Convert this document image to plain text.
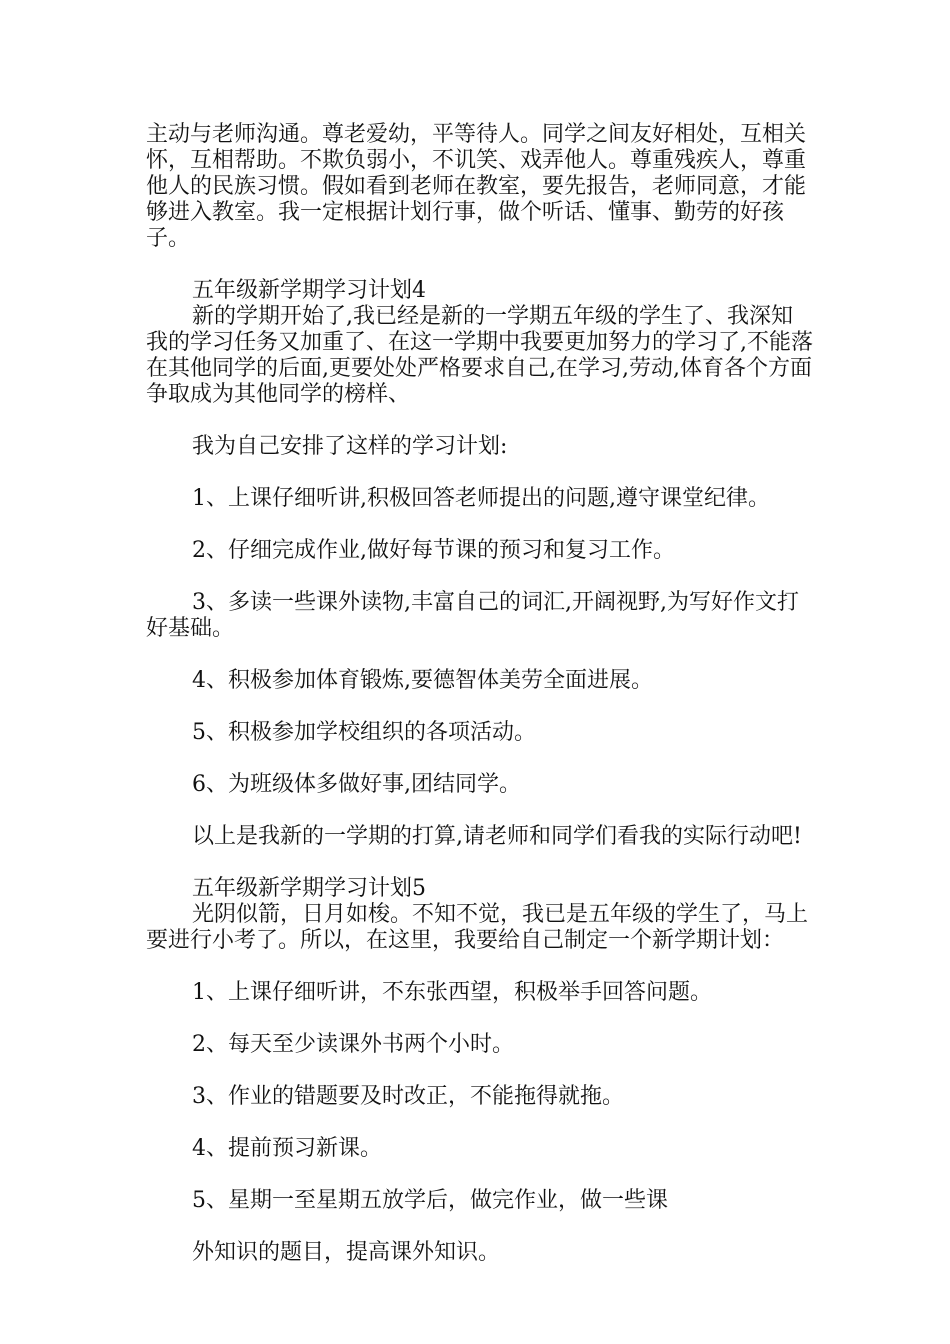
主动与老师沟通。尊老爱幼，平等待人。同学之间友好相处，互相关怀，互相帮助。不欺负弱小，不讥笑、戏弄他人。尊重残疾人，尊重他人的民族习惯。假如看到老师在教室，要先报告，老师同意，才能够进入教室。我一定根据计划行事，做个听话、懂事、勤劳的好孩子。

五年级新学期学习计划4

新的学期开始了,我已经是新的一学期五年级的学生了、我深知我的学习任务又加重了、在这一学期中我要更加努力的学习了,不能落在其他同学的后面,更要处处严格要求自己,在学习,劳动,体育各个方面争取成为其他同学的榜样、

我为自己安排了这样的学习计划:

1、上课仔细听讲,积极回答老师提出的问题,遵守课堂纪律。

2、仔细完成作业,做好每节课的预习和复习工作。

3、多读一些课外读物,丰富自己的词汇,开阔视野,为写好作文打好基础。

4、积极参加体育锻炼,要德智体美劳全面进展。

5、积极参加学校组织的各项活动。

6、为班级体多做好事,团结同学。

以上是我新的一学期的打算,请老师和同学们看我的实际行动吧!

五年级新学期学习计划5

光阴似箭，日月如梭。不知不觉，我已是五年级的学生了，马上要进行小考了。所以，在这里，我要给自己制定一个新学期计划：

1、上课仔细听讲，不东张西望，积极举手回答问题。

2、每天至少读课外书两个小时。

3、作业的错题要及时改正，不能拖得就拖。

4、提前预习新课。

5、星期一至星期五放学后，做完作业，做一些课

外知识的题目，提高课外知识。
